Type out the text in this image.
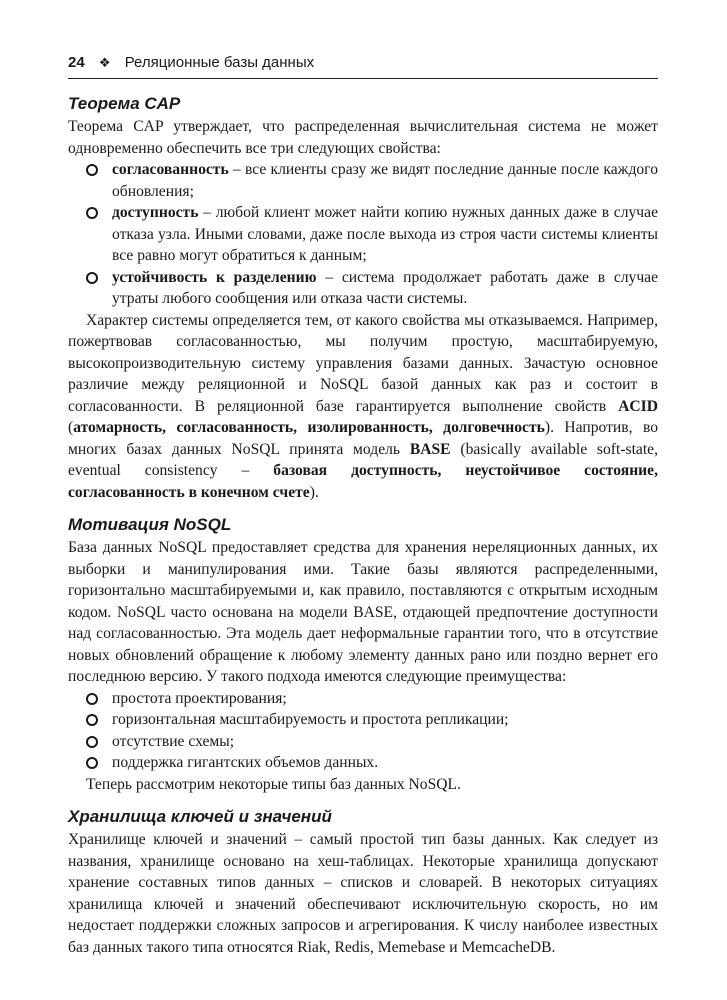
24 ❖ Реляционные базы данных
Теорема CAP

Теорема CAP утверждает, что распределенная вычислительная система не может одновременно обеспечить все три следующих свойства:

согласованность – все клиенты сразу же видят последние данные после каждого обновления;
доступность – любой клиент может найти копию нужных данных даже в случае отказа узла. Иными словами, даже после выхода из строя части системы клиенты все равно могут обратиться к данным;
устойчивость к разделению – система продолжает работать даже в случае утраты любого сообщения или отказа части системы.

Характер системы определяется тем, от какого свойства мы отказываемся. Например, пожертвовав согласованностью, мы получим простую, масштабируемую, высокопроизводительную систему управления базами данных. Зачастую основное различие между реляционной и NoSQL базой данных как раз и состоит в согласованности. В реляционной базе гарантируется выполнение свойств ACID (атомарность, согласованность, изолированность, долговечность). Напротив, во многих базах данных NoSQL принята модель BASE (basically available soft-state, eventual consistency – базовая доступность, неустойчивое состояние, согласованность в конечном счете).

Мотивация NoSQL

База данных NoSQL предоставляет средства для хранения нереляционных данных, их выборки и манипулирования ими. Такие базы являются распределенными, горизонтально масштабируемыми и, как правило, поставляются с открытым исходным кодом. NoSQL часто основана на модели BASE, отдающей предпочтение доступности над согласованностью. Эта модель дает неформальные гарантии того, что в отсутствие новых обновлений обращение к любому элементу данных рано или поздно вернет его последнюю версию. У такого подхода имеются следующие преимущества:

простота проектирования;
горизонтальная масштабируемость и простота репликации;
отсутствие схемы;
поддержка гигантских объемов данных.

Теперь рассмотрим некоторые типы баз данных NoSQL.

Хранилища ключей и значений

Хранилище ключей и значений – самый простой тип базы данных. Как следует из названия, хранилище основано на хеш-таблицах. Некоторые хранилища допускают хранение составных типов данных – списков и словарей. В некоторых ситуациях хранилища ключей и значений обеспечивают исключительную скорость, но им недостает поддержки сложных запросов и агрегирования. К числу наиболее известных баз данных такого типа относятся Riak, Redis, Memebase и MemcacheDB.
